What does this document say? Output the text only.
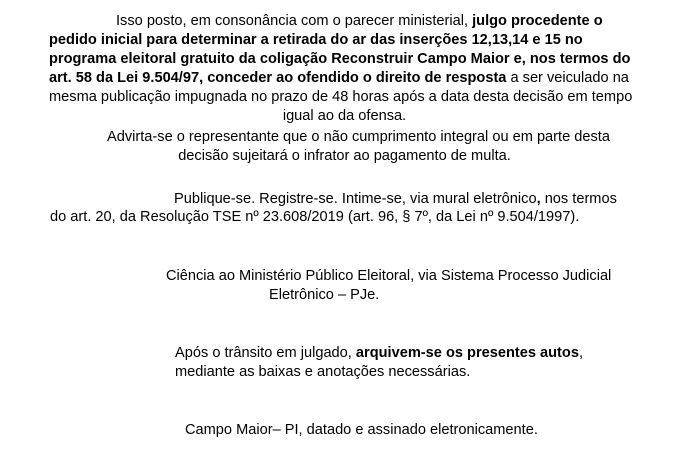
Isso posto, em consonância com o parecer ministerial, julgo procedente o
pedido inicial para determinar a retirada do ar das inserções 12,13,14 e 15 no
programa eleitoral gratuito da coligação Reconstruir Campo Maior e, nos termos do
art. 58 da Lei 9.504/97, conceder ao ofendido o direito de resposta a ser veiculado na
mesma publicação impugnada no prazo de 48 horas após a data desta decisão em tempo
igual ao da ofensa.
Advirta-se o representante que o não cumprimento integral ou em parte desta
decisão sujeitará o infrator ao pagamento de multa.
Publique-se. Registre-se. Intime-se, via mural eletrônico, nos termos
do art. 20, da Resolução TSE nº 23.608/2019 (art. 96, § 7º, da Lei nº 9.504/1997).
Ciência ao Ministério Público Eleitoral, via Sistema Processo Judicial
Eletrônico – PJe.
Após o trânsito em julgado, arquivem-se os presentes autos,
mediante as baixas e anotações necessárias.
Campo Maior– PI, datado e assinado eletronicamente.
